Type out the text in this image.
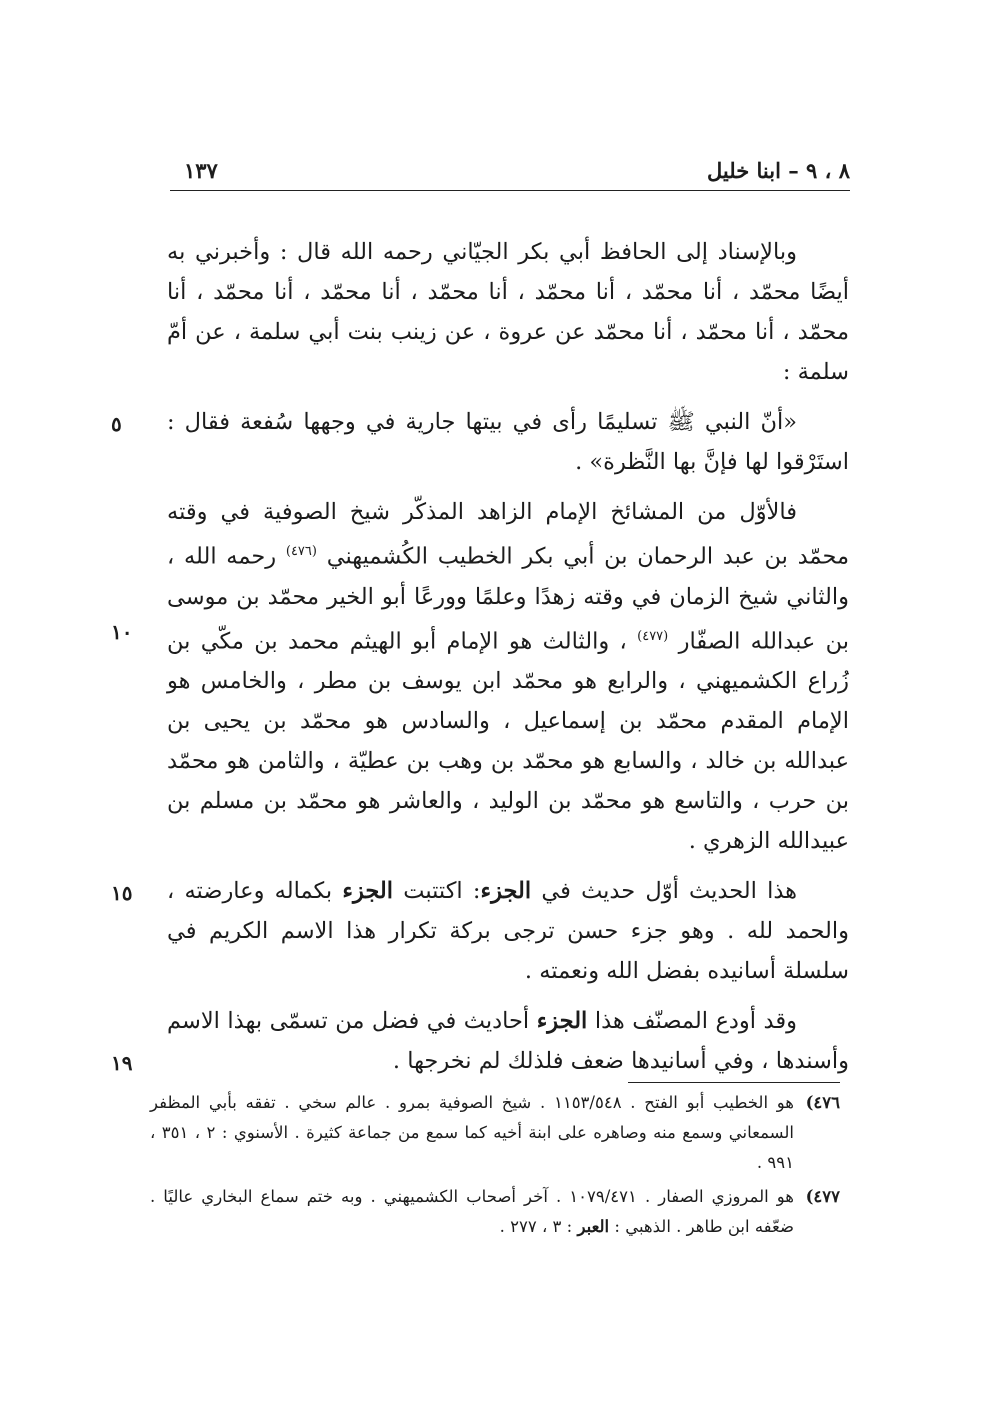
٨ ، ٩ – ابنا خليل
١٣٧

وبالإسناد إلى الحافظ أبي بكر الجيّاني رحمه الله قال : وأخبرني به أيضًا محمّد ، أنا محمّد ، أنا محمّد ، أنا محمّد ، أنا محمّد ، أنا محمّد ، أنا محمّد ، أنا محمّد ، أنا محمّد عن عروة ، عن زينب بنت أبي سلمة ، عن أمّ سلمة :

٥ «أنّ النبي ﷺ تسليمًا رأى في بيتها جارية في وجهها سُفعة فقال : استَرْقوا لها فإنَّ بها النَّظرة» .

١٠

فالأوّل من المشائخ الإمام الزاهد المذكّر شيخ الصوفية في وقته محمّد بن عبد الرحمان بن أبي بكر الخطيب الكُشميهني $^{(٤٧٦)}$ رحمه الله ، والثاني شيخ الزمان في وقته زهدًا وعلمًا وورعًا أبو الخير محمّد بن موسى بن عبدالله الصفّار $^{(٤٧٧)}$ ، والثالث هو الإمام أبو الهيثم محمد بن مكّي بن زُراع الكشميهني ، والرابع هو محمّد ابن يوسف بن مطر ، والخامس هو الإمام المقدم محمّد بن إسماعيل ، والسادس هو محمّد بن يحيى بن عبدالله بن خالد ، والسابع هو محمّد بن وهب بن عطيّة ، والثامن هو محمّد بن حرب ، والتاسع هو محمّد بن الوليد ، والعاشر هو محمّد بن مسلم بن عبيدالله الزهري .

١٥	هذا الحديث أوّل حديث في الجزء: اكتتبت الجزء بكماله وعارضته ، والحمد لله . وهو جزء حسن ترجى بركة تكرار هذا الاسم الكريم في سلسلة أسانيده بفضل الله ونعمته .

١٩

وقد أودع المصنّف هذا الجزء أحاديث في فضل من تسمّى بهذا الاسم وأسندها ، وفي أسانيدها ضعف فلذلك لم نخرجها .

٤٧٦)
هو الخطيب أبو الفتح . ١١٥٣/٥٤٨ . شيخ الصوفية بمرو . عالم سخي . تفقه بأبي المظفر السمعاني وسمع منه وصاهره على ابنة أخيه كما سمع من جماعة كثيرة . الأسنوي : ٢ ، ٣٥١ ، ٩٩١ .

٤٧٧)
هو المروزي الصفار . ١٠٧٩/٤٧١ . آخر أصحاب الكشميهني . وبه ختم سماع البخاري عاليًا . ضعّفه ابن طاهر . الذهبي : العبر : ٣ ، ٢٧٧ .
